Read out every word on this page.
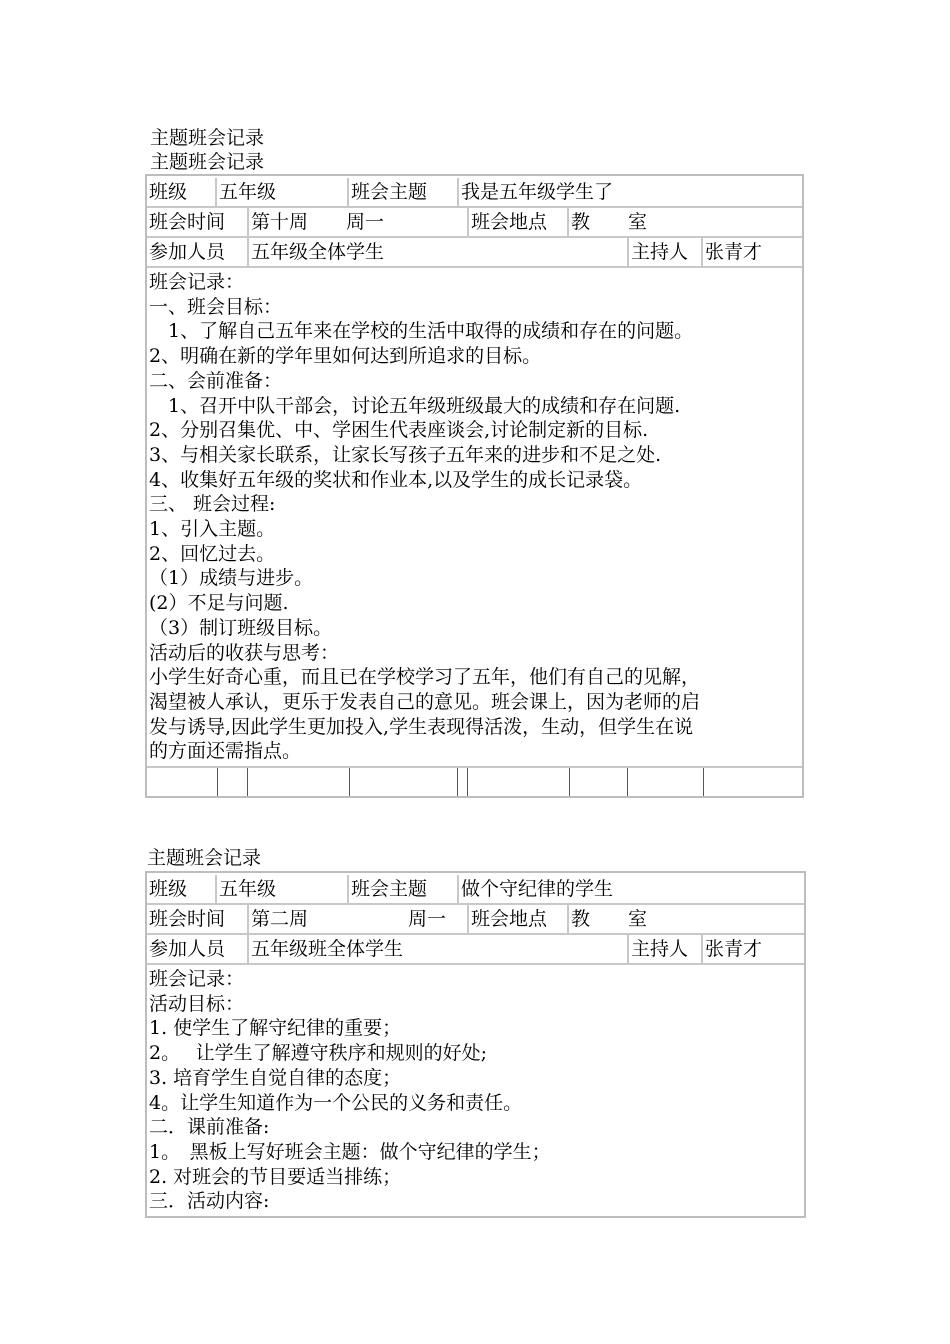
主题班会记录
主题班会记录
班级	五年级	班会主题	我是五年级学生了
班会时间	第十周 周一	班会地点	教　　室
参加人员	五年级全体学生	主持人 张青才
班会记录：
一、班会目标：
　1、了解自己五年来在学校的生活中取得的成绩和存在的问题。
2、明确在新的学年里如何达到所追求的目标。
二、会前准备：
　1、召开中队干部会，讨论五年级班级最大的成绩和存在问题.
2、分别召集优、中、学困生代表座谈会,讨论制定新的目标.
3、与相关家长联系，让家长写孩子五年来的进步和不足之处.
4、收集好五年级的奖状和作业本,以及学生的成长记录袋。
三、 班会过程:
1、引入主题。
2、回忆过去。
（1）成绩与进步。
(2）不足与问题.
（3）制订班级目标。
活动后的收获与思考：
小学生好奇心重，而且已在学校学习了五年，他们有自己的见解，
渴望被人承认，更乐于发表自己的意见。班会课上，因为老师的启
发与诱导,因此学生更加投入,学生表现得活泼，生动，但学生在说
的方面还需指点。
主题班会记录
班级	五年级	班会主题	做个守纪律的学生
班会时间	第二周	周一	班会地点	教　　室
参加人员	五年级班全体学生	主持人 张青才
班会记录：
活动目标：
1. 使学生了解守纪律的重要；
2。　 让学生了解遵守秩序和规则的好处;
3. 培育学生自觉自律的态度；
4。让学生知道作为一个公民的义务和责任。
二．课前准备:
1。　黑板上写好班会主题：做个守纪律的学生；
2. 对班会的节目要适当排练；
三．活动内容:
